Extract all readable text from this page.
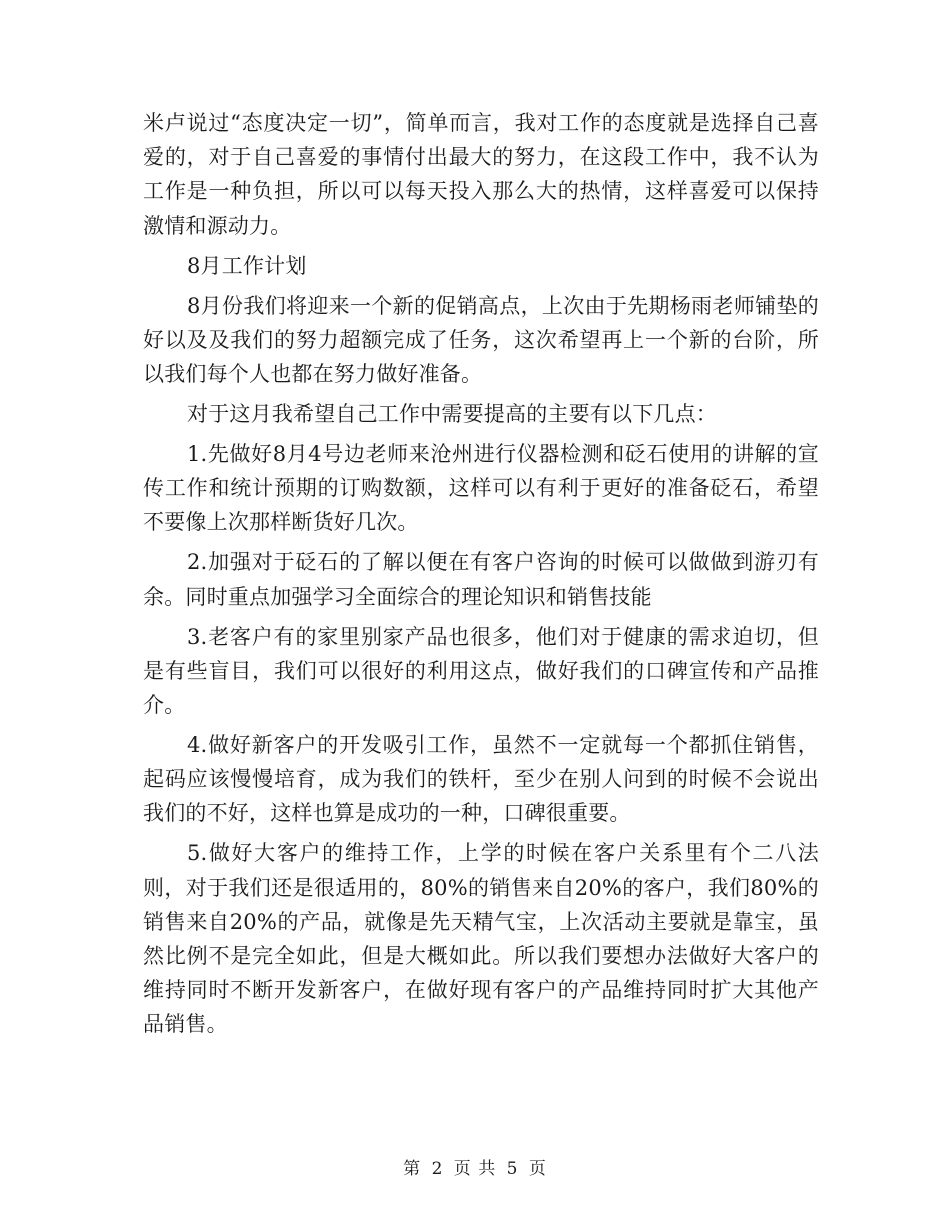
米卢说过“态度决定一切”，简单而言，我对工作的态度就是选择自己喜爱的，对于自己喜爱的事情付出最大的努力，在这段工作中，我不认为工作是一种负担，所以可以每天投入那么大的热情，这样喜爱可以保持激情和源动力。

8月工作计划

8月份我们将迎来一个新的促销高点，上次由于先期杨雨老师铺垫的好以及及我们的努力超额完成了任务，这次希望再上一个新的台阶，所以我们每个人也都在努力做好准备。

对于这月我希望自己工作中需要提高的主要有以下几点：

1.先做好8月4号边老师来沧州进行仪器检测和砭石使用的讲解的宣传工作和统计预期的订购数额，这样可以有利于更好的准备砭石，希望不要像上次那样断货好几次。

2.加强对于砭石的了解以便在有客户咨询的时候可以做做到游刃有余。同时重点加强学习全面综合的理论知识和销售技能

3.老客户有的家里别家产品也很多，他们对于健康的需求迫切，但是有些盲目，我们可以很好的利用这点，做好我们的口碑宣传和产品推介。

4.做好新客户的开发吸引工作，虽然不一定就每一个都抓住销售，起码应该慢慢培育，成为我们的铁杆，至少在别人问到的时候不会说出我们的不好，这样也算是成功的一种，口碑很重要。

5.做好大客户的维持工作，上学的时候在客户关系里有个二八法则，对于我们还是很适用的，80%的销售来自20%的客户，我们80%的销售来自20%的产品，就像是先天精气宝，上次活动主要就是靠宝，虽然比例不是完全如此，但是大概如此。所以我们要想办法做好大客户的维持同时不断开发新客户，在做好现有客户的产品维持同时扩大其他产品销售。

第 2 页 共 5 页
